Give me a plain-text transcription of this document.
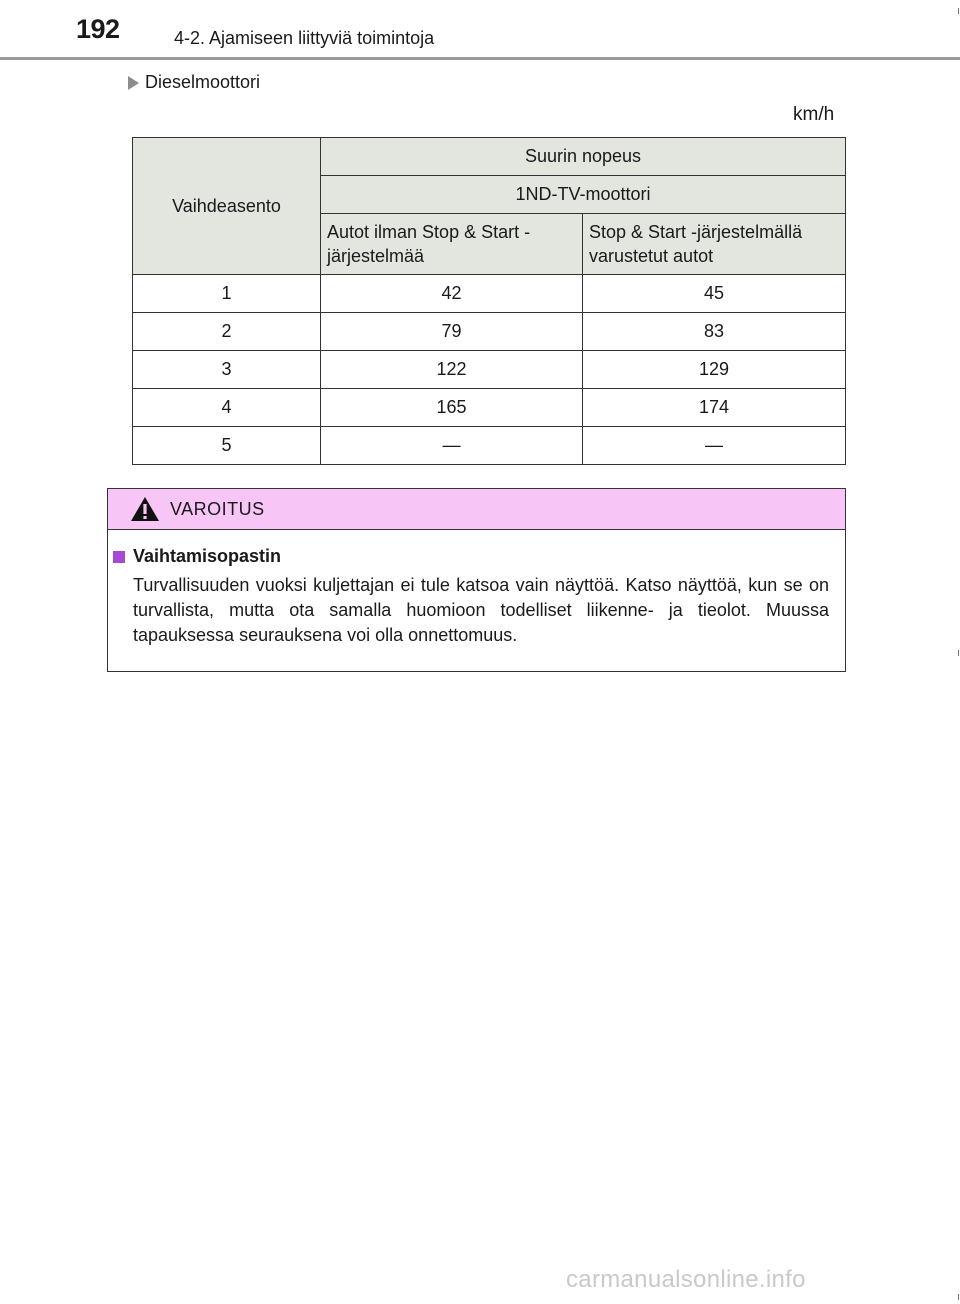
192	4-2. Ajamiseen liittyviä toimintoja
Dieselmoottori
km/h
Vaihdeasento	Suurin nopeus	
	1ND-TV-moottori	
	Autot ilman Stop & Start -järjestelmää	Stop & Start -järjestelmällä varustetut autot
1	42	45
2	79	83
3	122	129
4	165	174
5	—	—
VAROITUS
Vaihtamisopastin
Turvallisuuden vuoksi kuljettajan ei tule katsoa vain näyttöä. Katso näyttöä, kun se on turvallista, mutta ota samalla huomioon todelliset liikenne- ja tieolot. Muussa tapauksessa seurauksena voi olla onnettomuus.
carmanualsonline.info
